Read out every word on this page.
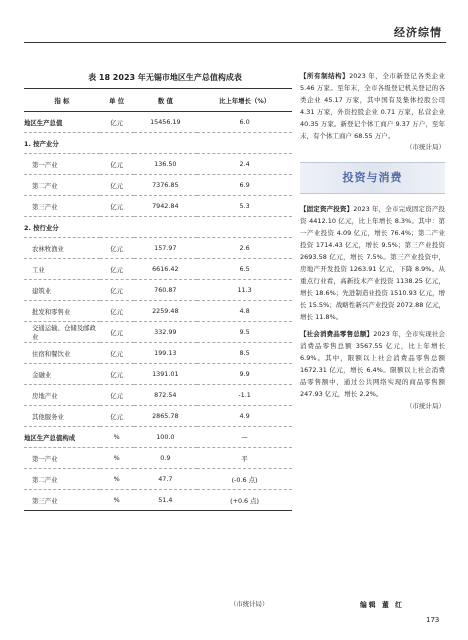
经济综情
表 18 2023 年无锡市地区生产总值构成表
指 标	单 位	数 值	比上年增长（%）
地区生产总值	亿元	15456.19	6.0
1. 按产业分			
第一产业	亿元	136.50	2.4
第二产业	亿元	7376.85	6.9
第三产业	亿元	7942.84	5.3
2. 按行业分			
农林牧渔业	亿元	157.97	2.6
工业	亿元	6616.42	6.5
建筑业	亿元	760.87	11.3
批发和零售业	亿元	2259.48	4.8
交通运输、仓储及邮政业	亿元	332.99	9.5
住宿和餐饮业	亿元	199.13	8.5
金融业	亿元	1391.01	9.9
房地产业	亿元	872.54	-1.1
其他服务业	亿元	2865.78	4.9
地区生产总值构成	%	100.0	—
第一产业	%	0.9	平
第二产业	%	47.7	(-0.6 点)
第三产业	%	51.4	(+0.6 点)
（市统计局）

【所有制结构】2023 年，全市新登记各类企业 5.46 万家。至年末，全市各级登记机关登记的各类企业 45.17 万家，其中国有及集体控股公司 4.31 万家，外资控股企业 0.71 万家，私营企业 40.35 万家。新登记个体工商户 9.37 万户，至年末，有个体工商户 68.55 万户。

（市统计局）

投资与消费

【固定资产投资】2023 年，全市完成固定资产投资 4412.10 亿元，比上年增长 8.3%。其中：第一产业投资 4.09 亿元，增长 76.4%；第二产业投资 1714.43 亿元，增长 9.5%；第三产业投资 2693.58 亿元，增长 7.5%。第三产业投资中，房地产开发投资 1263.91 亿元，下降 8.9%。从重点行业看，高新技术产业投资 1138.25 亿元，增长 18.6%；先进制造业投资 1510.93 亿元，增长 15.5%；战略性新兴产业投资 2072.88 亿元，增长 11.8%。

【社会消费品零售总额】2023 年，全市实现社会消费品零售总额 3567.55 亿元，比上年增长 6.9%。其中，限额以上社会消费品零售总额 1672.31 亿元，增长 6.4%。限额以上社会消费品零售额中，通过公共网络实现的商品零售额 247.93 亿元，增长 2.2%。

（市统计局）

编辑 董 红
173
